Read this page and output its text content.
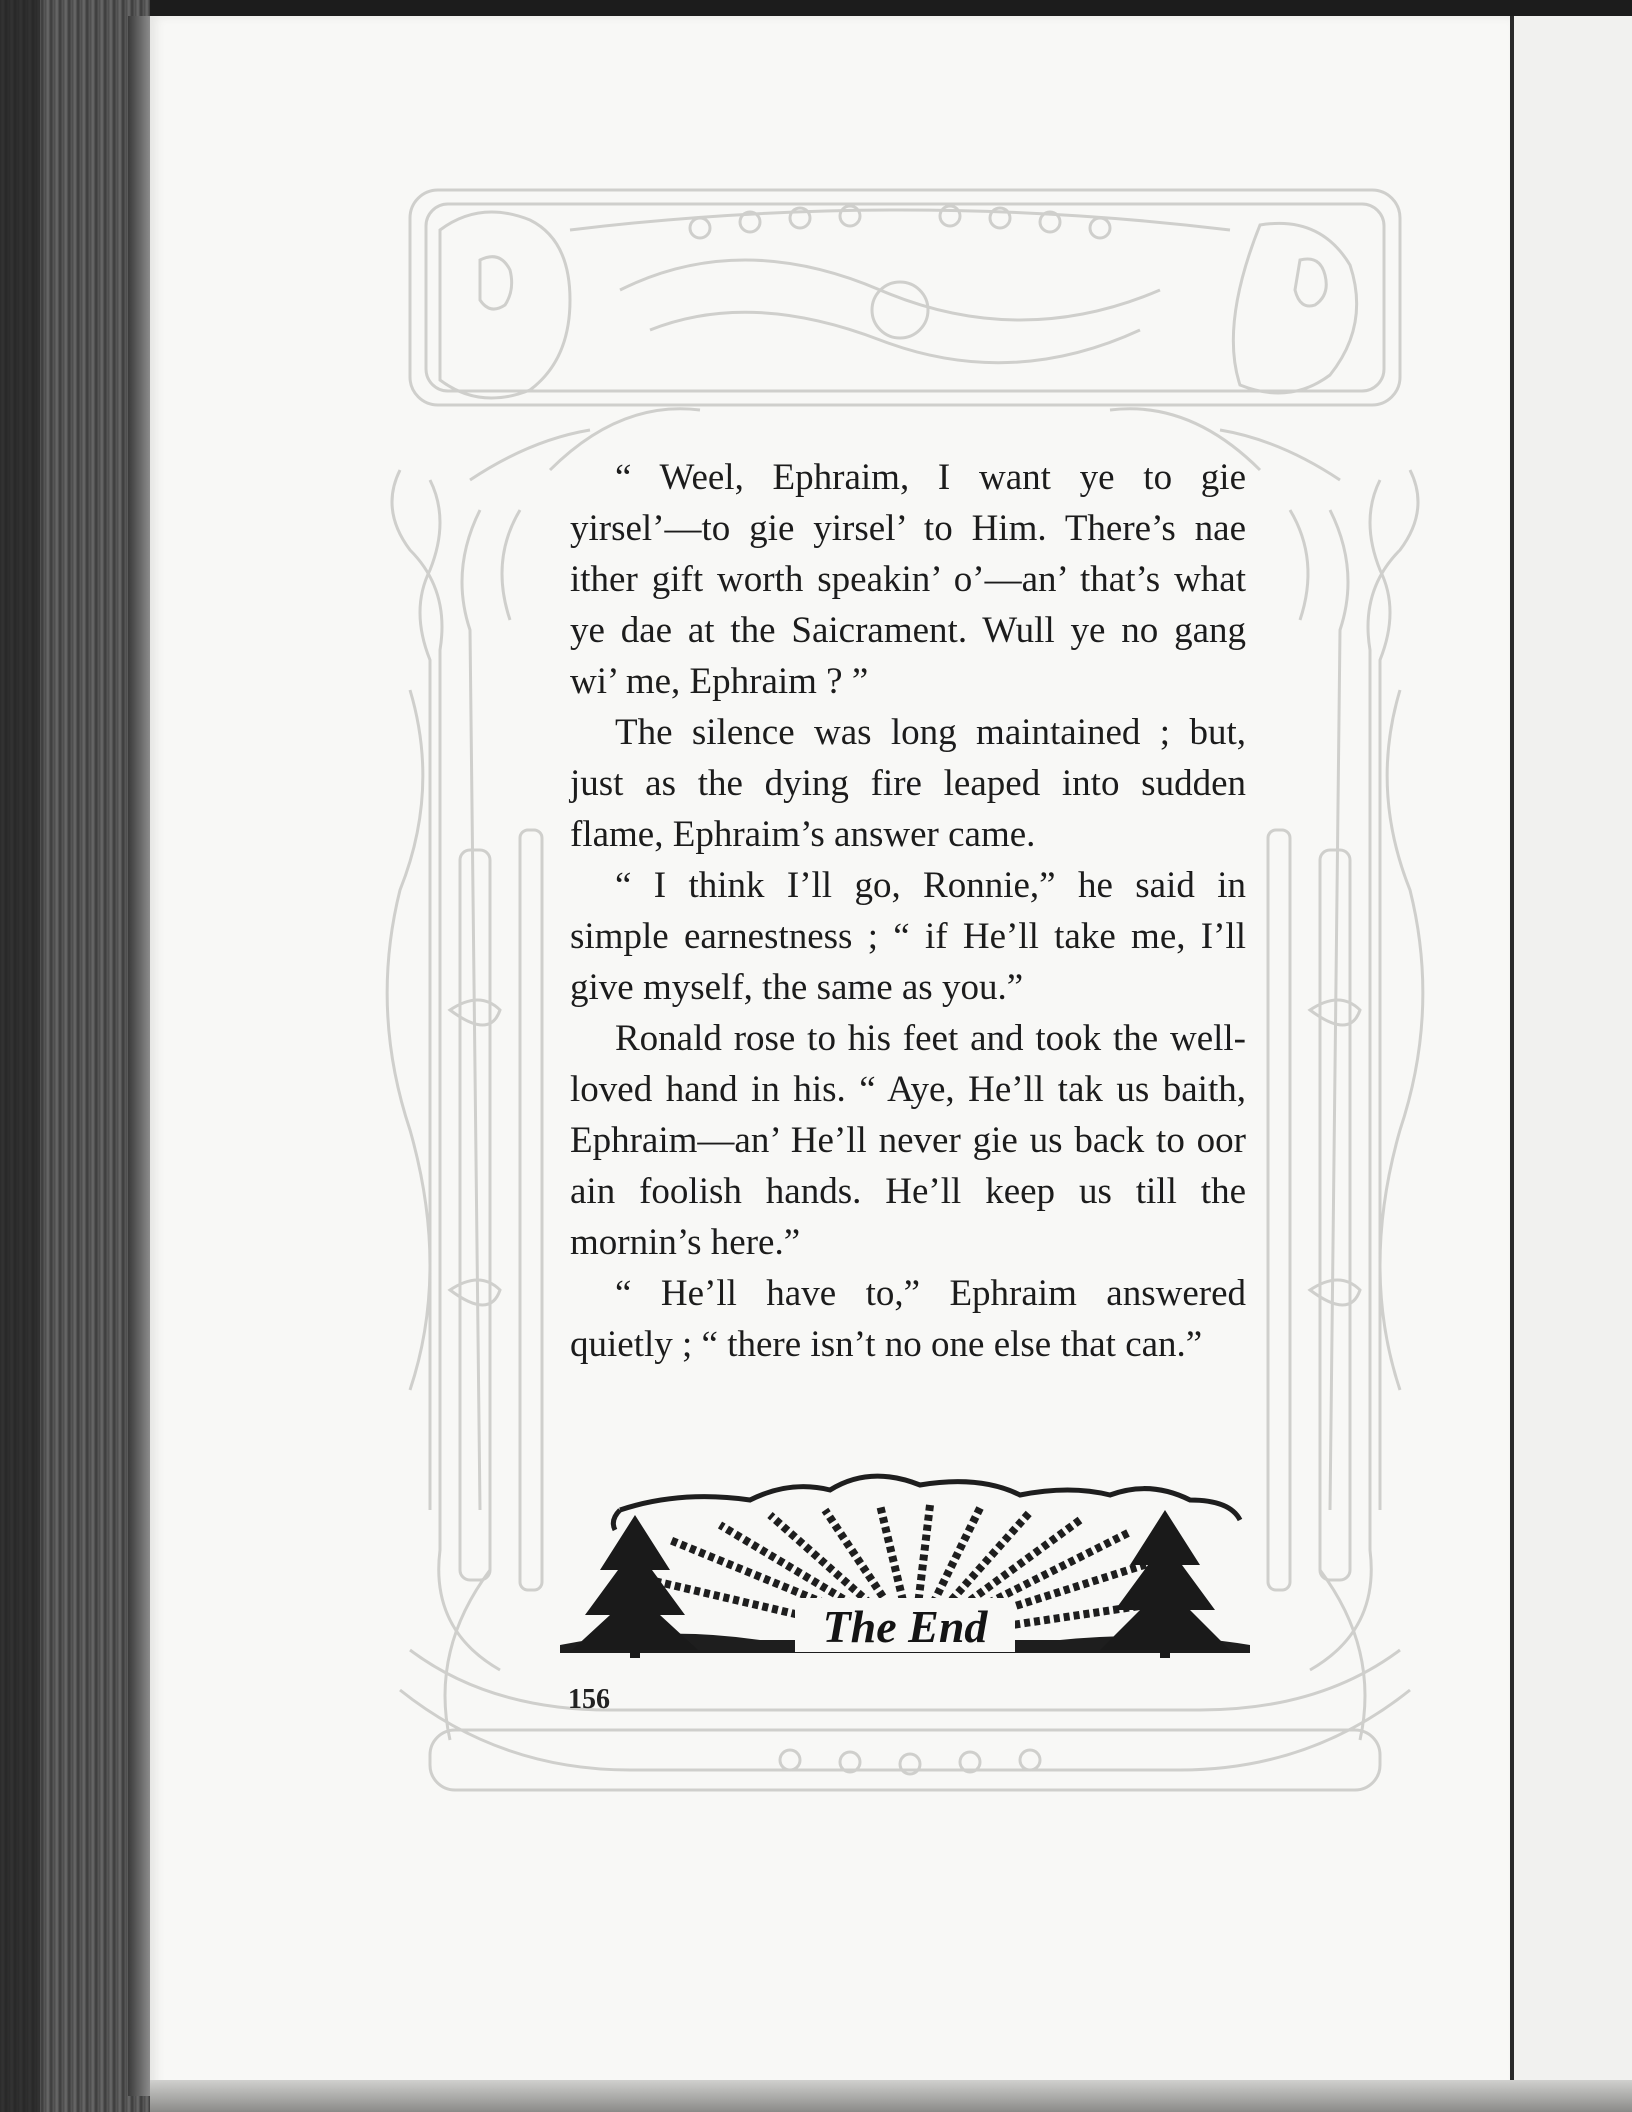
“ Weel, Ephraim, I want ye to gie yirsel’—to gie yirsel’ to Him. There’s nae ither gift worth speakin’ o’—an’ that’s what ye dae at the Saicrament. Wull ye no gang wi’ me, Ephraim ? ”

The silence was long maintained ; but, just as the dying fire leaped into sudden flame, Ephraim’s answer came.

“ I think I’ll go, Ronnie,” he said in simple earnestness ; “ if He’ll take me, I’ll give myself, the same as you.”

Ronald rose to his feet and took the well-loved hand in his. “ Aye, He’ll tak us baith, Ephraim—an’ He’ll never gie us back to oor ain foolish hands. He’ll keep us till the mornin’s here.”

“ He’ll have to,” Ephraim answered quietly ; “ there isn’t no one else that can.”

The End
156
